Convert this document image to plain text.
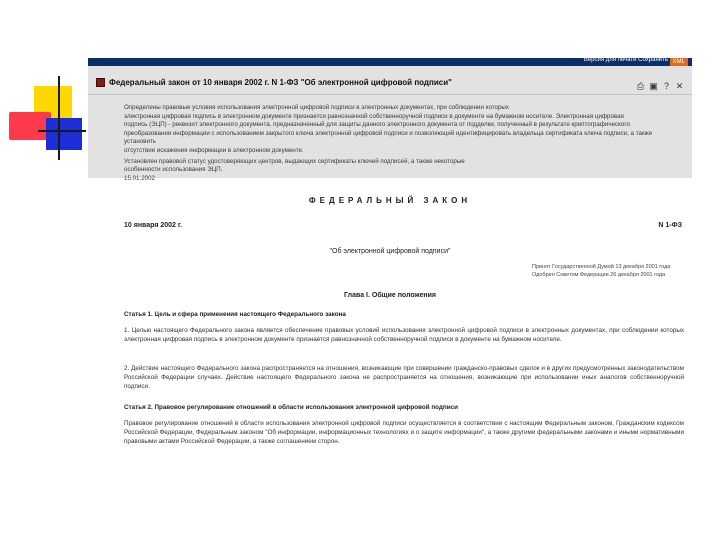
Версия для печати Сохранить XML
Федеральный закон от 10 января 2002 г. N 1-ФЗ "Об электронной цифровой подписи"	⎙ ▣ ? ✕

Определены правовые условия использования электронной цифровой подписи в электронных документах, при соблюдении которых

электронная цифровая подпись в электронном документе признается равнозначной собственноручной подписи в документе на бумажном носителе. Электронная цифровая

подпись (ЭЦП) - реквизит электронного документа, предназначенный для защиты данного электронного документа от подделки, полученный в результате криптографического

преобразования информации с использованием закрытого ключа электронной цифровой подписи и позволяющий идентифицировать владельца сертификата ключа подписи, а также установить

отсутствие искажения информации в электронном документе.

Установлен правовой статус удостоверяющих центров, выдающих сертификаты ключей подписей, а также некоторые

особенности использования ЭЦП.

15.01.2002

ФЕДЕРАЛЬНЫЙ ЗАКОН
10 января 2002 г.	N 1-ФЗ
"Об электронной цифровой подписи"
Принят Государственной Думой 13 декабря 2001 года
Одобрен Советом Федерации 26 декабря 2001 года
Глава I. Общие положения
Статья 1. Цель и сфера применения настоящего Федерального закона
1. Целью настоящего Федерального закона является обеспечение правовых условий использования электронной цифровой подписи в электронных документах, при соблюдении которых электронная цифровая подпись в электронном документе признается равнозначной собственноручной подписи в документе на бумажном носителе.
2. Действие настоящего Федерального закона распространяется на отношения, возникающие при совершении гражданско-правовых сделок и в других предусмотренных законодательством Российской Федерации случаях. Действие настоящего Федерального закона не распространяется на отношения, возникающие при использовании иных аналогов собственноручной подписи.
Статья 2. Правовое регулирование отношений в области использования электронной цифровой подписи
Правовое регулирование отношений в области использования электронной цифровой подписи осуществляется в соответствии с настоящим Федеральным законом, Гражданским кодексом Российской Федерации, Федеральным законом "Об информации, информационных технологиях и о защите информации", а также другими федеральными законами и иными нормативными правовыми актами Российской Федерации, а также соглашением сторон.
